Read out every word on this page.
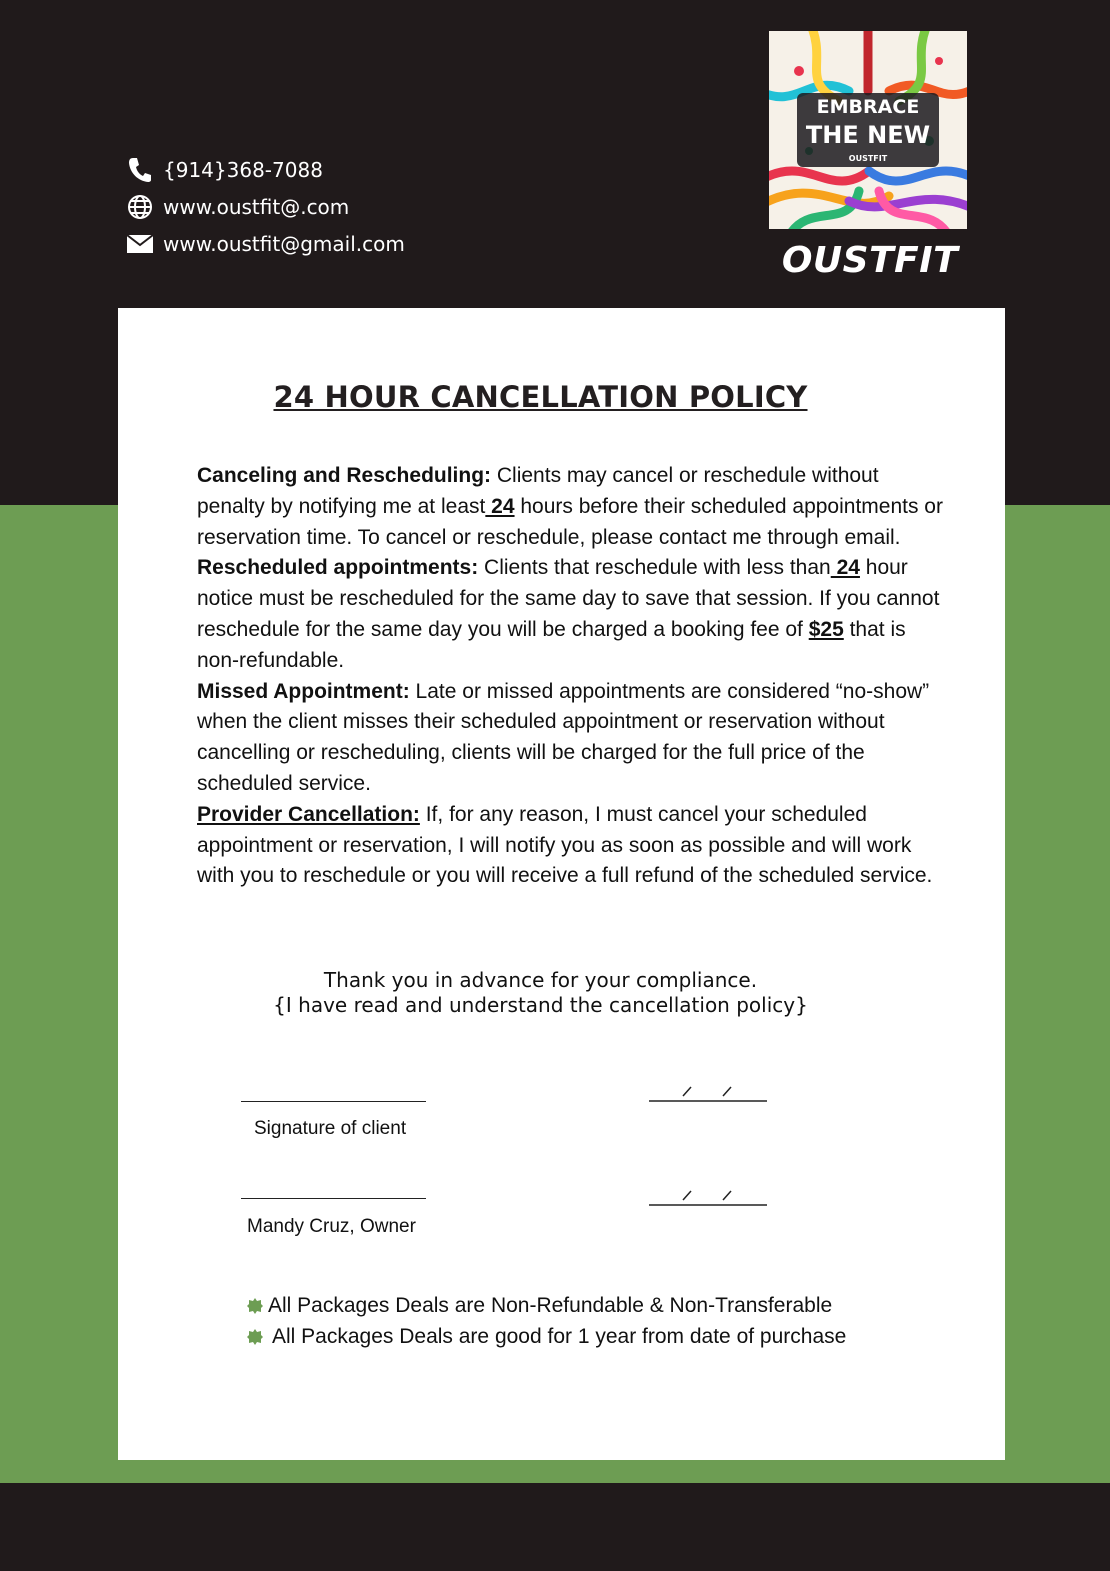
{914}368-7088
www.oustfit@.com
www.oustfit@gmail.com
EMBRACE
THE NEW
OUSTFIT
OUSTFIT
24 HOUR CANCELLATION POLICY

Canceling and Rescheduling: Clients may cancel or reschedule without penalty by notifying me at least 24 hours before their scheduled appointments or reservation time. To cancel or reschedule, please contact me through email.

Rescheduled appointments: Clients that reschedule with less than 24 hour notice must be rescheduled for the same day to save that session. If you cannot reschedule for the same day you will be charged a booking fee of $25 that is non-refundable.

Missed Appointment: Late or missed appointments are considered “no-show” when the client misses their scheduled appointment or reservation without cancelling or rescheduling, clients will be charged for the full price of the scheduled service.

Provider Cancellation: If, for any reason, I must cancel your scheduled appointment or reservation, I will notify you as soon as possible and will work with you to reschedule or you will receive a full refund of the scheduled service.

Thank you in advance for your compliance.
{I have read and understand the cancellation policy}
Signature of client
Mandy Cruz, Owner
All Packages Deals are Non-Refundable & Non-Transferable
All Packages Deals are good for 1 year from date of purchase
